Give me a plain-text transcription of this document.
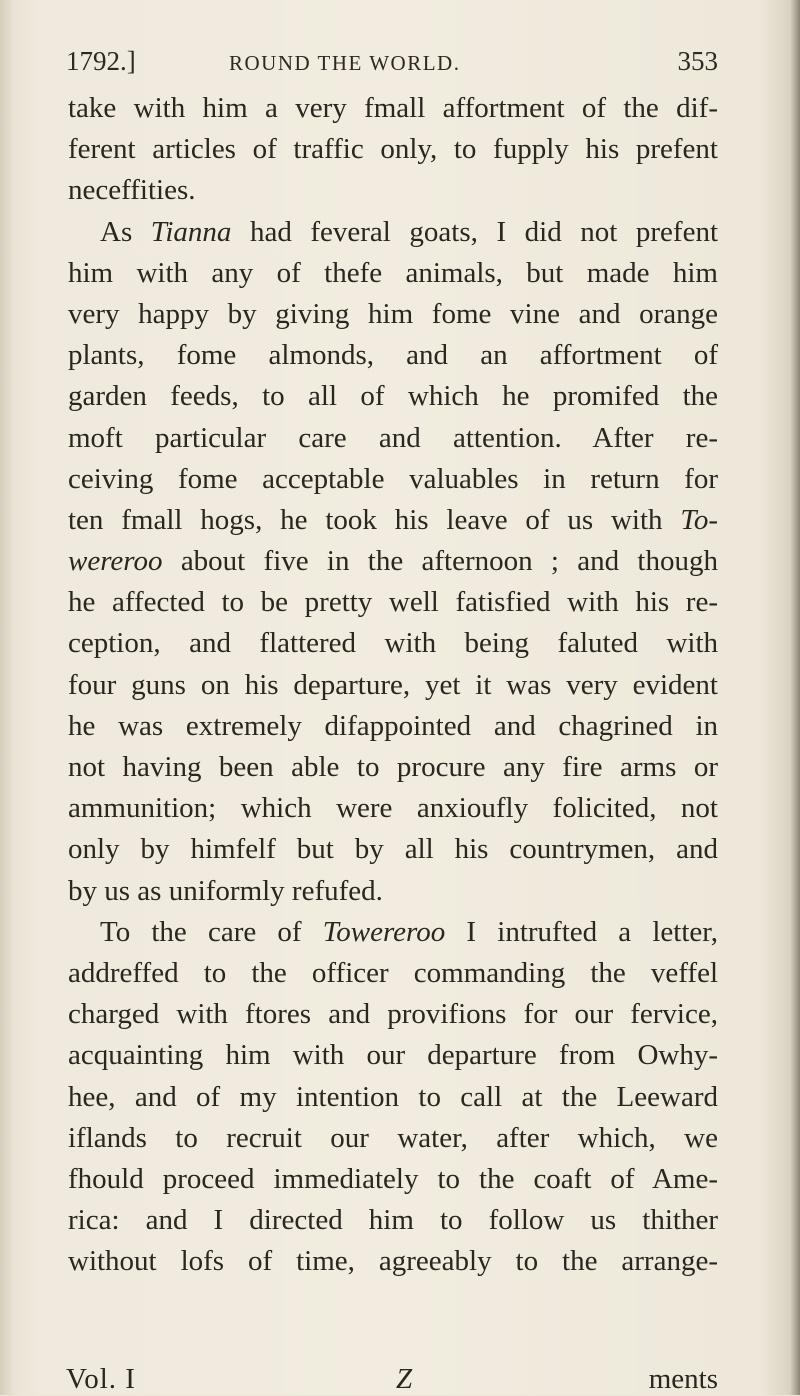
1792.]	ROUND THE WORLD.	353
take with him a very fmall affortment of the dif-
ferent articles of traffic only, to fupply his prefent
neceffities.
As Tianna had feveral goats, I did not prefent
him with any of thefe animals, but made him
very happy by giving him fome vine and orange
plants, fome almonds, and an affortment of
garden feeds, to all of which he promifed the
moft particular care and attention. After re-
ceiving fome acceptable valuables in return for
ten fmall hogs, he took his leave of us with To-
wereroo about five in the afternoon ; and though
he affected to be pretty well fatisfied with his re-
ception, and flattered with being faluted with
four guns on his departure, yet it was very evident
he was extremely difappointed and chagrined in
not having been able to procure any fire arms or
ammunition; which were anxioufly folicited, not
only by himfelf but by all his countrymen, and
by us as uniformly refufed.
To the care of Towereroo I intrufted a letter,
addreffed to the officer commanding the veffel
charged with ftores and provifions for our fervice,
acquainting him with our departure from Owhy-
hee, and of my intention to call at the Leeward
iflands to recruit our water, after which, we
fhould proceed immediately to the coaft of Ame-
rica: and I directed him to follow us thither
without lofs of time, agreeably to the arrange-
Vol. I	Z	ments
